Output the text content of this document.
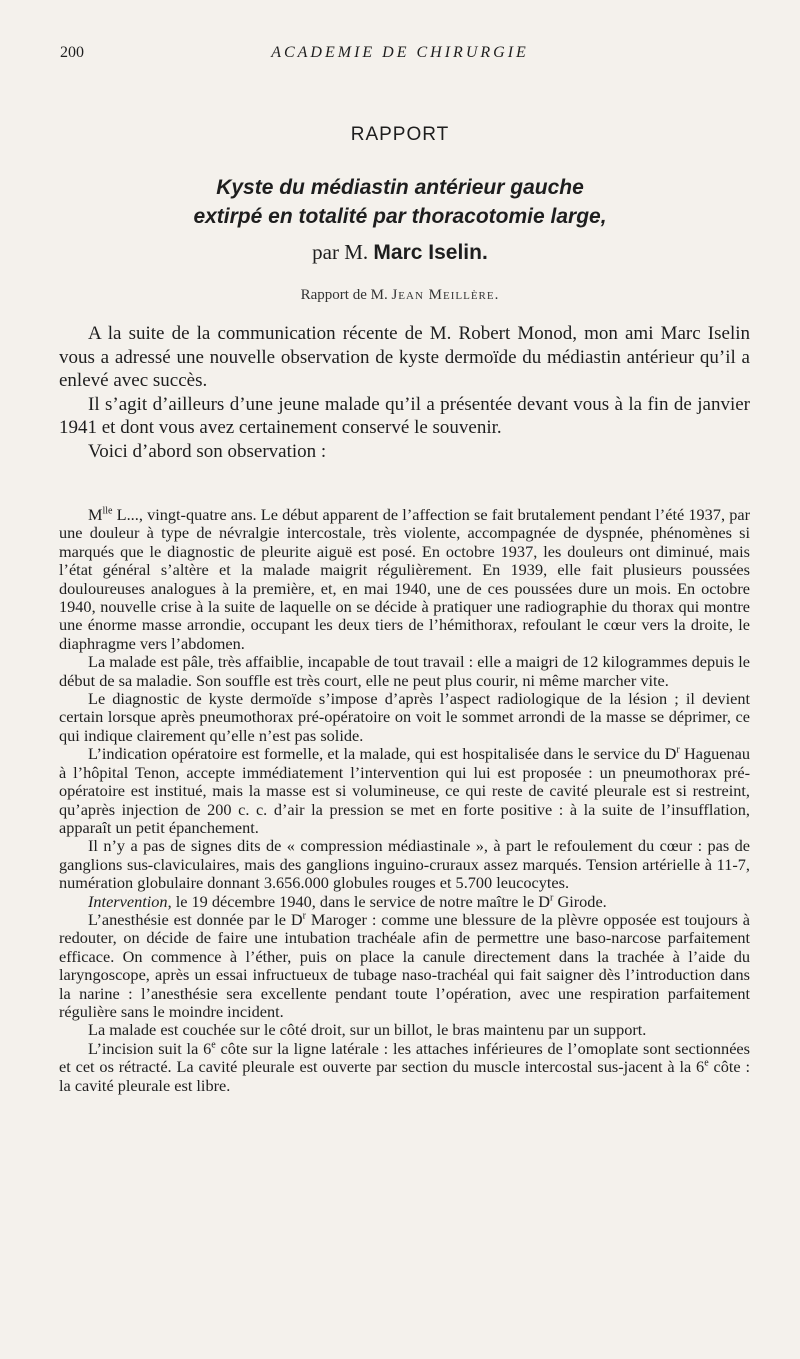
200	ACADEMIE DE CHIRURGIE
RAPPORT
Kyste du médiastin antérieur gauche
extirpé en totalité par thoracotomie large,
par M. Marc Iselin.
Rapport de M. Jean Meillère.

A la suite de la communication récente de M. Robert Monod, mon ami Marc Iselin vous a adressé une nouvelle observation de kyste dermoïde du médiastin antérieur qu’il a enlevé avec succès.

Il s’agit d’ailleurs d’une jeune malade qu’il a présentée devant vous à la fin de janvier 1941 et dont vous avez certainement conservé le souvenir.

Voici d’abord son observation :

$M^{lle}$ L..., vingt-quatre ans. Le début apparent de l’affection se fait brutalement pendant l’été 1937, par une douleur à type de névralgie intercostale, très violente, accompagnée de dyspnée, phénomènes si marqués que le diagnostic de pleurite aiguë est posé. En octobre 1937, les douleurs ont diminué, mais l’état général s’altère et la malade maigrit régulièrement. En 1939, elle fait plusieurs poussées douloureuses analogues à la première, et, en mai 1940, une de ces poussées dure un mois. En octobre 1940, nouvelle crise à la suite de laquelle on se décide à pratiquer une radiographie du thorax qui montre une énorme masse arrondie, occupant les deux tiers de l’hémithorax, refoulant le cœur vers la droite, le diaphragme vers l’abdomen.

La malade est pâle, très affaiblie, incapable de tout travail : elle a maigri de 12 kilogrammes depuis le début de sa maladie. Son souffle est très court, elle ne peut plus courir, ni même marcher vite.

Le diagnostic de kyste dermoïde s’impose d’après l’aspect radiologique de la lésion ; il devient certain lorsque après pneumothorax pré-opératoire on voit le sommet arrondi de la masse se déprimer, ce qui indique clairement qu’elle n’est pas solide.

L’indication opératoire est formelle, et la malade, qui est hospitalisée dans le service du $D^r$ Haguenau à l’hôpital Tenon, accepte immédiatement l’intervention qui lui est proposée : un pneumothorax pré-opératoire est institué, mais la masse est si volumineuse, ce qui reste de cavité pleurale est si restreint, qu’après injection de 200 c. c. d’air la pression se met en forte positive : à la suite de l’insufflation, apparaît un petit épanchement.

Il n’y a pas de signes dits de « compression médiastinale », à part le refoulement du cœur : pas de ganglions sus-claviculaires, mais des ganglions inguino-cruraux assez marqués. Tension artérielle à 11-7, numération globulaire donnant 3.656.000 globules rouges et 5.700 leucocytes.

Intervention, le 19 décembre 1940, dans le service de notre maître le $D^r$ Girode.

L’anesthésie est donnée par le $D^r$ Maroger : comme une blessure de la plèvre opposée est toujours à redouter, on décide de faire une intubation trachéale afin de permettre une baso-narcose parfaitement efficace. On commence à l’éther, puis on place la canule directement dans la trachée à l’aide du laryngoscope, après un essai infructueux de tubage naso-trachéal qui fait saigner dès l’introduction dans la narine : l’anesthésie sera excellente pendant toute l’opération, avec une respiration parfaitement régulière sans le moindre incident.

La malade est couchée sur le côté droit, sur un billot, le bras maintenu par un support.

L’incision suit la 6e côte sur la ligne latérale : les attaches inférieures de l’omoplate sont sectionnées et cet os rétracté. La cavité pleurale est ouverte par section du muscle intercostal sus-jacent à la 6e côte : la cavité pleurale est libre.
